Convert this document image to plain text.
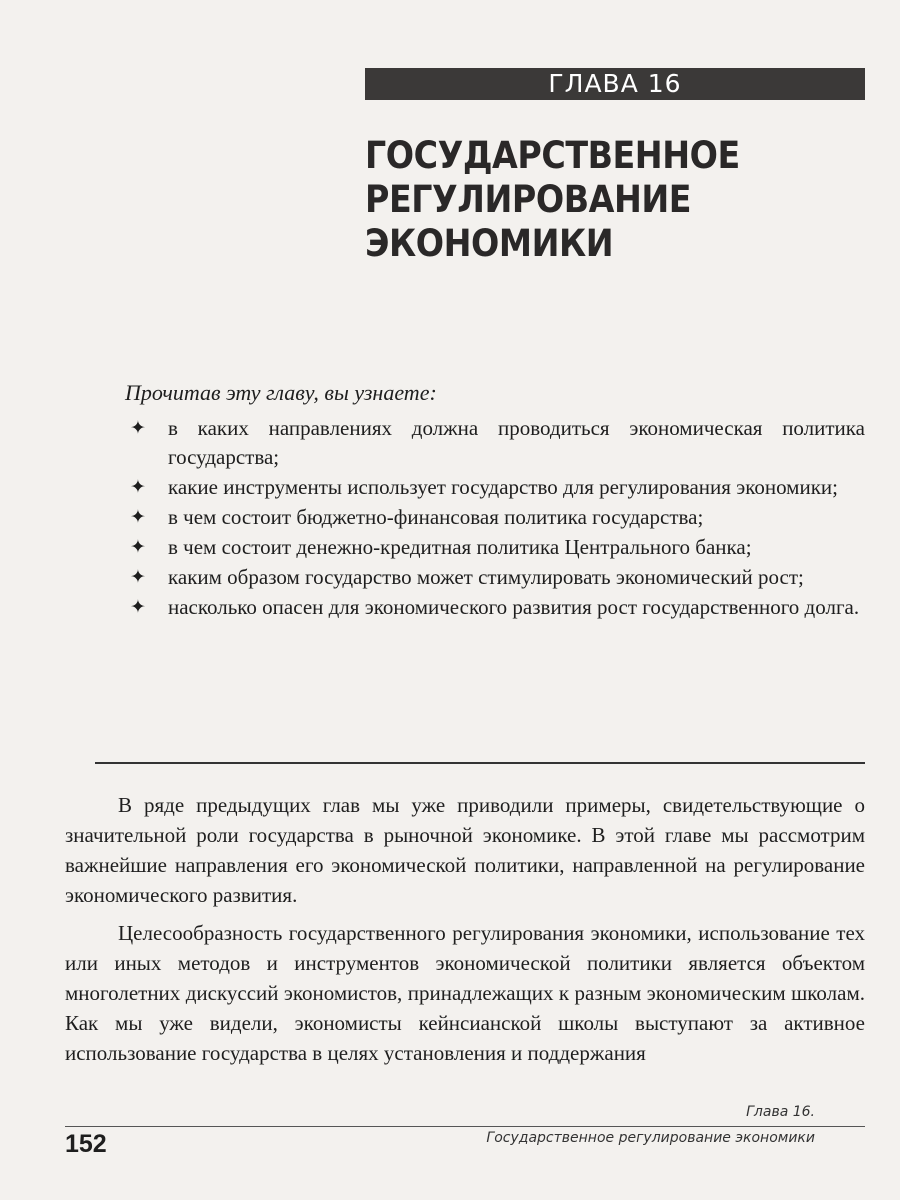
ГЛАВА 16
ГОСУДАРСТВЕННОЕ
РЕГУЛИРОВАНИЕ
ЭКОНОМИКИ
Прочитав эту главу, вы узнаете:
✦ в каких направлениях должна проводиться экономическая политика государства;
✦ какие инструменты использует государство для регулирования экономики;
✦ в чем состоит бюджетно-финансовая политика государства;
✦ в чем состоит денежно-кредитная политика Центрального банка;
✦ каким образом государство может стимулировать экономический рост;
✦ насколько опасен для экономического развития рост государственного долга.

В ряде предыдущих глав мы уже приводили примеры, свидетельствующие о значительной роли государства в рыночной экономике. В этой главе мы рассмотрим важнейшие направления его экономической политики, направленной на регулирование экономического развития.

Целесообразность государственного регулирования экономики, использование тех или иных методов и инструментов экономической политики является объектом многолетних дискуссий экономистов, принадлежащих к разным экономическим школам. Как мы уже видели, экономисты кейнсианской школы выступают за активное использование государства в целях установления и поддержания

Глава 16.
152	Государственное регулирование экономики
